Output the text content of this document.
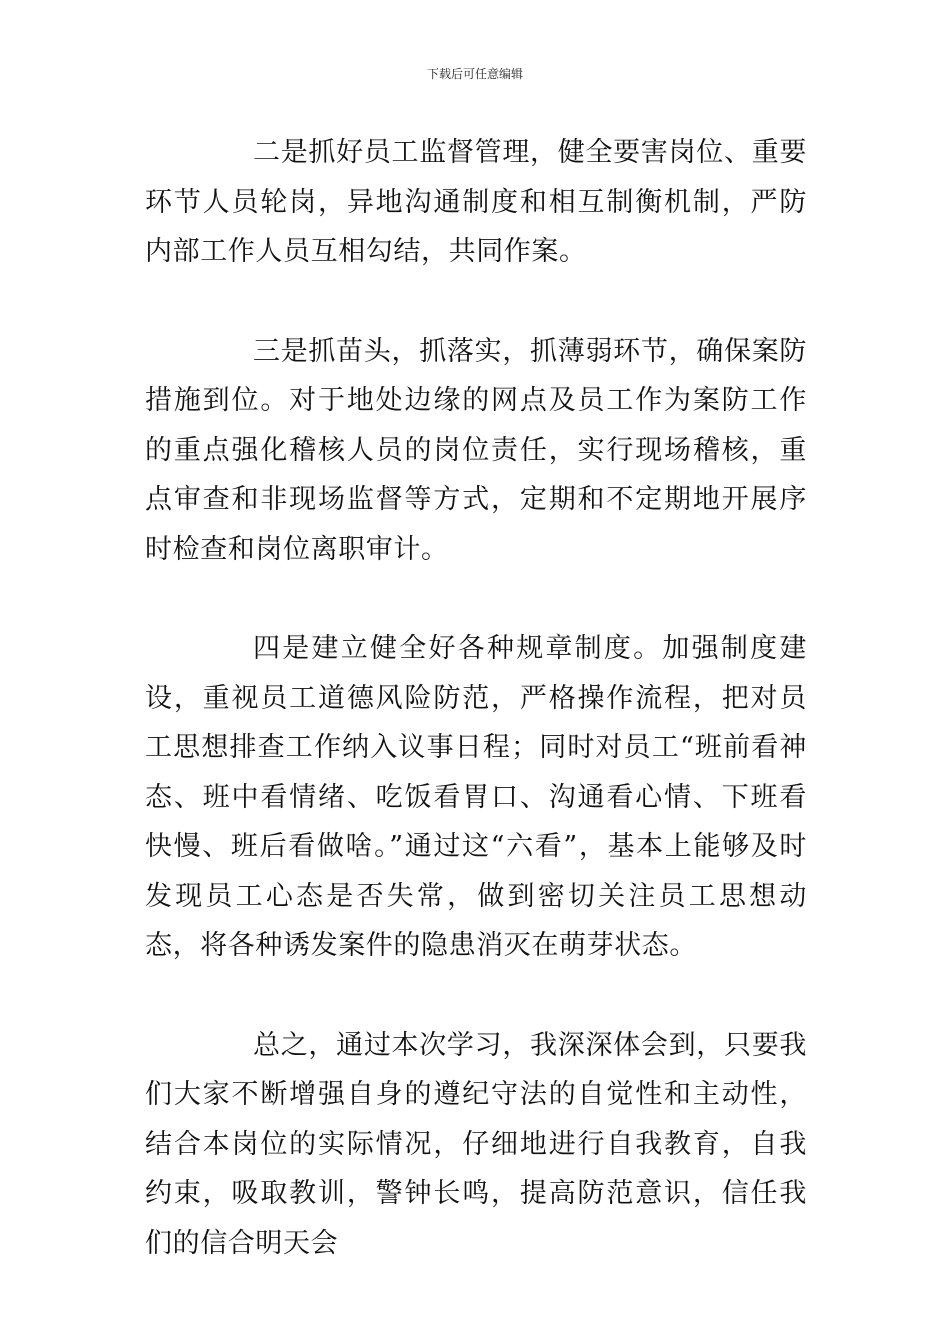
下载后可任意编辑

二是抓好员工监督管理，健全要害岗位、重要环节人员轮岗，异地沟通制度和相互制衡机制，严防内部工作人员互相勾结，共同作案。

三是抓苗头，抓落实，抓薄弱环节，确保案防措施到位。对于地处边缘的网点及员工作为案防工作的重点强化稽核人员的岗位责任，实行现场稽核，重点审查和非现场监督等方式，定期和不定期地开展序时检查和岗位离职审计。

四是建立健全好各种规章制度。加强制度建设，重视员工道德风险防范，严格操作流程，把对员工思想排查工作纳入议事日程；同时对员工“班前看神态、班中看情绪、吃饭看胃口、沟通看心情、下班看快慢、班后看做啥。”通过这“六看”，基本上能够及时发现员工心态是否失常，做到密切关注员工思想动态，将各种诱发案件的隐患消灭在萌芽状态。

总之，通过本次学习，我深深体会到，只要我们大家不断增强自身的遵纪守法的自觉性和主动性，结合本岗位的实际情况，仔细地进行自我教育，自我约束，吸取教训，警钟长鸣，提高防范意识，信任我们的信合明天会
